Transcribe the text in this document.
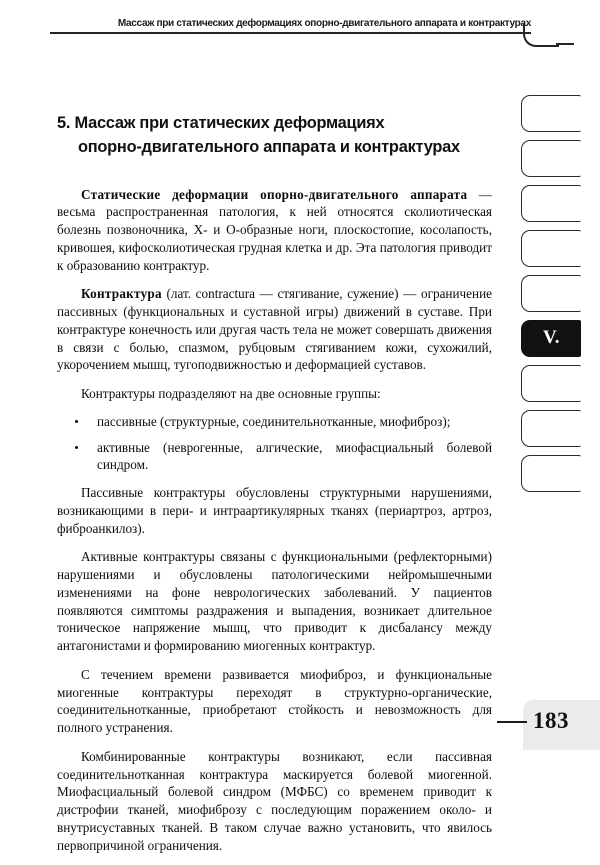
Массаж при статических деформациях опорно-двигательного аппарата и контрактурах
V.
5. Массаж при статических деформациях
опорно-двигательного аппарата и контрактурах

Статические деформации опорно-двигательного аппарата — весьма распространенная патология, к ней относятся сколиотическая болезнь позвоночника, Х- и О-образные ноги, плоскостопие, косолапость, кривошея, кифосколиотическая грудная клетка и др. Эта патология приводит к образованию контрактур.

Контрактура (лат. contractura — стягивание, сужение) — ограничение пассивных (функциональных и суставной игры) движений в суставе. При контрактуре конечность или другая часть тела не может совершать движения в связи с болью, спазмом, рубцовым стягиванием кожи, сухожилий, укорочением мышц, тугоподвижностью и деформацией суставов.

Контрактуры подразделяют на две основные группы:

пассивные (структурные, соединительнотканные, миофиброз);
активные (неврогенные, алгические, миофасциальный болевой синдром.

Пассивные контрактуры обусловлены структурными нарушениями, возникающими в пери- и интраартикулярных тканях (периартроз, артроз, фиброанкилоз).

Активные контрактуры связаны с функциональными (рефлекторными) нарушениями и обусловлены патологическими нейромышечными изменениями на фоне неврологических заболеваний. У пациентов появляются симптомы раздражения и выпадения, возникает длительное тоническое напряжение мышц, что приводит к дисбалансу между антагонистами и формированию миогенных контрактур.

С течением времени развивается миофиброз, и функциональные миогенные контрактуры переходят в структурно-органические, соединительнотканные, приобретают стойкость и невозможность для полного устранения.

Комбинированные контрактуры возникают, если пассивная соединительнотканная контрактура маскируется болевой миогенной. Миофасциальный болевой синдром (МФБС) со временем приводит к дистрофии тканей, миофиброзу с последующим поражением около- и внутрисуставных тканей. В таком случае важно установить, что явилось первопричиной ограничения.

183
